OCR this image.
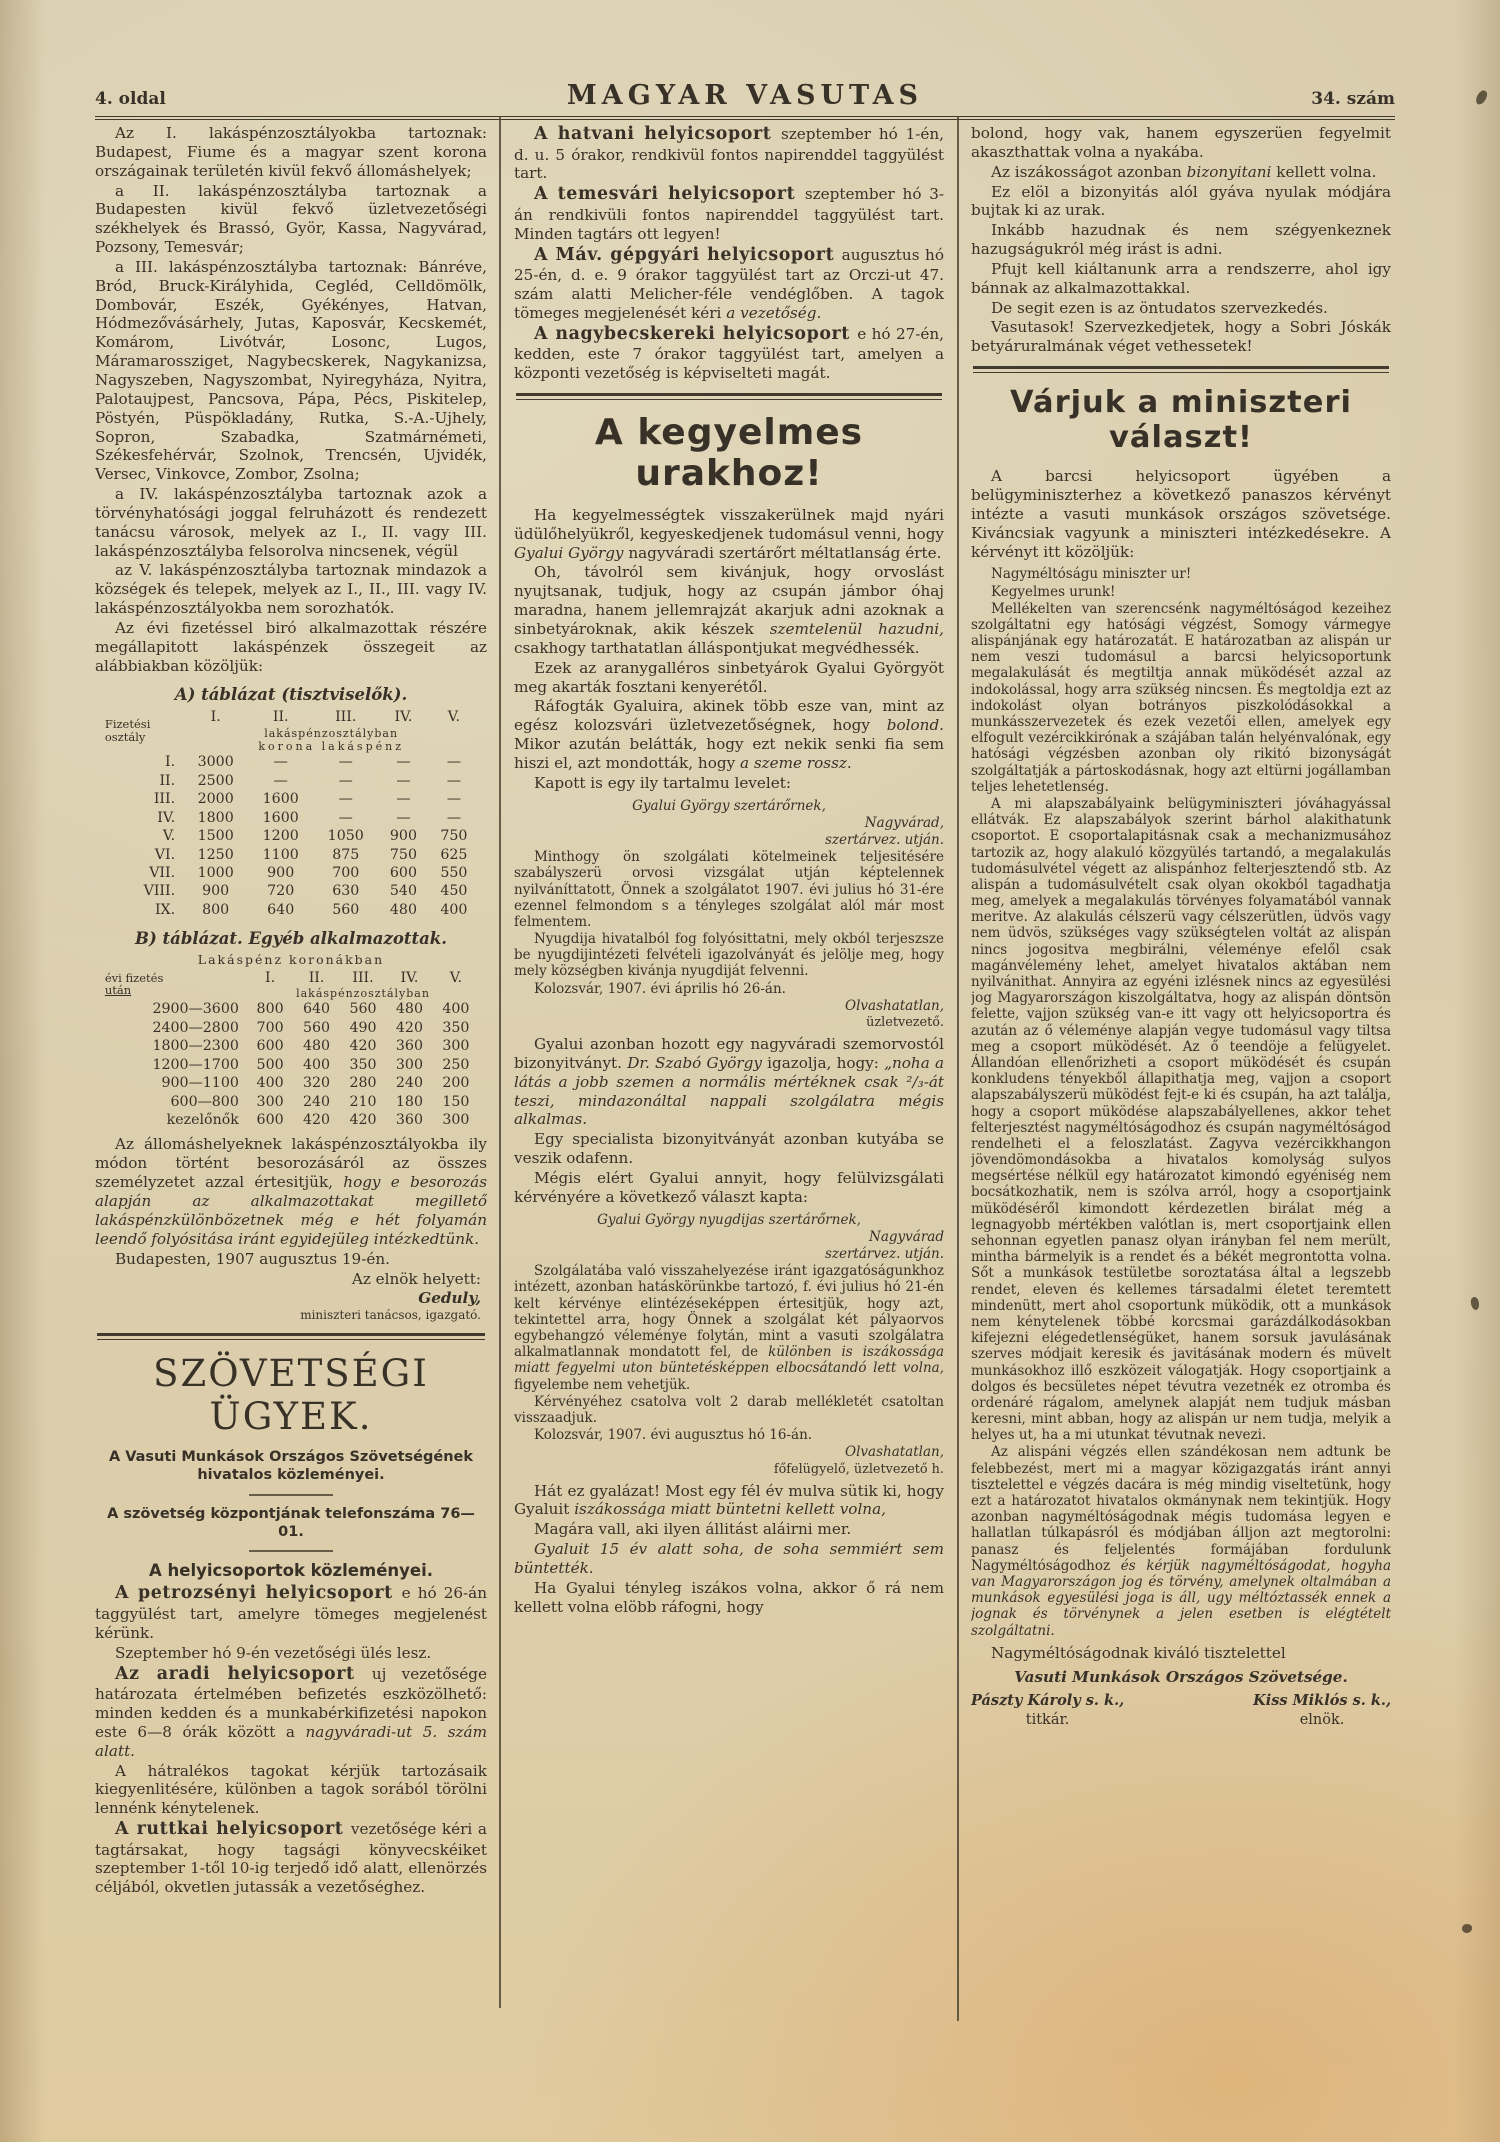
4. oldal	MAGYAR VASUTAS	34. szám

Az I. lakáspénzosztályokba tartoznak: Budapest, Fiume és a magyar szent korona országainak területén kivül fekvő állomáshelyek;

a II. lakáspénzosztályba tartoznak a Budapesten kivül fekvő üzletvezetőségi székhelyek és Brassó, Györ, Kassa, Nagyvárad, Pozsony, Temesvár;

a III. lakáspénzosztályba tartoznak: Bánréve, Bród, Bruck-Királyhida, Cegléd, Celldömölk, Dombovár, Eszék, Gyékényes, Hatvan, Hódmezővásárhely, Jutas, Kaposvár, Kecskemét, Komárom, Livótvár, Losonc, Lugos, Máramarossziget, Nagybecskerek, Nagykanizsa, Nagyszeben, Nagyszombat, Nyiregyháza, Nyitra, Palotaujpest, Pancsova, Pápa, Pécs, Piskitelep, Pöstyén, Püspökladány, Rutka, S.-A.-Ujhely, Sopron, Szabadka, Szatmárnémeti, Székesfehérvár, Szolnok, Trencsén, Ujvidék, Versec, Vinkovce, Zombor, Zsolna;

a IV. lakáspénzosztályba tartoznak azok a törvényhatósági joggal felruházott és rendezett tanácsu városok, melyek az I., II. vagy III. lakáspénzosztályba felsorolva nincsenek, végül

az V. lakáspénzosztályba tartoznak mindazok a községek és telepek, melyek az I., II., III. vagy IV. lakáspénzosztályokba nem sorozhatók.

Az évi fizetéssel biró alkalmazottak részére megállapitott lakáspénzek összegeit az alábbiakban közöljük:

A) táblázat (tisztviselők).
Fizetési
osztály	I.	II.	III.	IV.	V.
	lakáspénzosztályban
korona lakáspénz				
I.	3000	—	—	—	—
II.	2500	—	—	—	—
III.	2000	1600	—	—	—
IV.	1800	1600	—	—	—
V.	1500	1200	1050	900	750
VI.	1250	1100	875	750	625
VII.	1000	900	700	600	550
VIII.	900	720	630	540	450
IX.	800	640	560	480	400
B) táblázat. Egyéb alkalmazottak.
Lakáspénz koronákban					
évi fizetés
után	I.	II.	III.	IV.	V.
	lakáspénzosztályban				
2900—3600	800	640	560	480	400
2400—2800	700	560	490	420	350
1800—2300	600	480	420	360	300
1200—1700	500	400	350	300	250
900—1100	400	320	280	240	200
600—800	300	240	210	180	150
kezelőnők	600	420	420	360	300

Az állomáshelyeknek lakáspénzosztályokba ily módon történt besorozásáról az összes személyzetet azzal értesitjük, hogy e besorozás alapján az alkalmazottakat megillető lakáspénzkülönbözetnek még e hét folyamán leendő folyósitása iránt egyidejüleg intézkedtünk.

Budapesten, 1907 augusztus 19-én.

Az elnök helyett:

Geduly,

miniszteri tanácsos, igazgató.

SZÖVETSÉGI ÜGYEK.
A Vasuti Munkások Országos Szövetségének hivatalos közleményei.
A szövetség központjának telefonszáma 76—01.
A helyicsoportok közleményei.

A petrozsényi helyicsoport e hó 26-án taggyülést tart, amelyre tömeges megjelenést kérünk.

Szeptember hó 9-én vezetőségi ülés lesz.

Az aradi helyicsoport uj vezetősége határozata értelmében befizetés eszközölhető: minden kedden és a munkabérkifizetési napokon este 6—8 órák között a nagyváradi-ut 5. szám alatt.

A hátralékos tagokat kérjük tartozásaik kiegyenlitésére, különben a tagok sorából törölni lennénk kénytelenek.

A ruttkai helyicsoport vezetősége kéri a tagtársakat, hogy tagsági könyvecskéiket szeptember 1-től 10-ig terjedő idő alatt, ellenörzés céljából, okvetlen jutassák a vezetőséghez.

A hatvani helyicsoport szeptember hó 1-én, d. u. 5 órakor, rendkivül fontos napirenddel taggyülést tart.

A temesvári helyicsoport szeptember hó 3-án rendkivüli fontos napirenddel taggyülést tart. Minden tagtárs ott legyen!

A Máv. gépgyári helyicsoport augusztus hó 25-én, d. e. 9 órakor taggyülést tart az Orczi-ut 47. szám alatti Melicher-féle vendéglőben. A tagok tömeges megjelenését kéri a vezetőség.

A nagybecskereki helyicsoport e hó 27-én, kedden, este 7 órakor taggyülést tart, amelyen a központi vezetőség is képviselteti magát.

A kegyelmes urakhoz!

Ha kegyelmességtek visszakerülnek majd nyári üdülőhelyükről, kegyeskedjenek tudomásul venni, hogy Gyalui György nagyváradi szertárőrt méltatlanság érte.

Oh, távolról sem kivánjuk, hogy orvoslást nyujtsanak, tudjuk, hogy az csupán jámbor óhaj maradna, hanem jellemrajzát akarjuk adni azoknak a sinbetyároknak, akik készek szemtelenül hazudni, csakhogy tarthatatlan álláspontjukat megvédhessék.

Ezek az aranygalléros sinbetyárok Gyalui Györgyöt meg akarták fosztani kenyerétől.

Ráfogták Gyaluira, akinek több esze van, mint az egész kolozsvári üzletvezetőségnek, hogy bolond. Mikor azután belátták, hogy ezt nekik senki fia sem hiszi el, azt mondották, hogy a szeme rossz.

Kapott is egy ily tartalmu levelet:

Gyalui György szertárőrnek,

Nagyvárad,

szertárvez. utján.

Minthogy ön szolgálati kötelmeinek teljesitésére szabályszerü orvosi vizsgálat utján képtelennek nyilváníttatott, Önnek a szolgálatot 1907. évi julius hó 31-ére ezennel felmondom s a tényleges szolgálat alól már most felmentem.

Nyugdija hivatalból fog folyósittatni, mely okból terjeszsze be nyugdijintézeti felvételi igazolványát és jelölje meg, hogy mely községben kivánja nyugdiját felvenni.

Kolozsvár, 1907. évi április hó 26-án.

Olvashatatlan,

üzletvezető.

Gyalui azonban hozott egy nagyváradi szemorvostól bizonyitványt. Dr. Szabó György igazolja, hogy: „noha a látás a jobb szemen a normális mértéknek csak ²/₃-át teszi, mindazonáltal nappali szolgálatra mégis alkalmas.

Egy specialista bizonyitványát azonban kutyába se veszik odafenn.

Mégis elért Gyalui annyit, hogy felülvizsgálati kérvényére a következő választ kapta:

Gyalui György nyugdijas szertárőrnek,

Nagyvárad

szertárvez. utján.

Szolgálatába való visszahelyezése iránt igazgatóságunkhoz intézett, azonban hatáskörünkbe tartozó, f. évi julius hó 21-én kelt kérvénye elintézéseképpen értesitjük, hogy azt, tekintettel arra, hogy Önnek a szolgálat két pályaorvos egybehangzó véleménye folytán, mint a vasuti szolgálatra alkalmatlannak mondatott fel, de különben is iszákossága miatt fegyelmi uton büntetésképpen elbocsátandó lett volna, figyelembe nem vehetjük.

Kérvényéhez csatolva volt 2 darab mellékletét csatoltan visszaadjuk.

Kolozsvár, 1907. évi augusztus hó 16-án.

Olvashatatlan,

főfelügyelő, üzletvezető h.

Hát ez gyalázat! Most egy fél év mulva sütik ki, hogy Gyaluit iszákossága miatt büntetni kellett volna,

Magára vall, aki ilyen állitást aláirni mer.

Gyaluit 15 év alatt soha, de soha semmiért sem büntették.

Ha Gyalui tényleg iszákos volna, akkor ő rá nem kellett volna elöbb ráfogni, hogy

bolond, hogy vak, hanem egyszerüen fegyelmit akaszthattak volna a nyakába.

Az iszákosságot azonban bizonyitani kellett volna.

Ez elöl a bizonyitás alól gyáva nyulak módjára bujtak ki az urak.

Inkább hazudnak és nem szégyenkeznek hazugságukról még irást is adni.

Pfujt kell kiáltanunk arra a rendszerre, ahol igy bánnak az alkalmazottakkal.

De segit ezen is az öntudatos szervezkedés.

Vasutasok! Szervezkedjetek, hogy a Sobri Jóskák betyáruralmának véget vethessetek!

Várjuk a miniszteri választ!

A barcsi helyicsoport ügyében a belügyminiszterhez a következő panaszos kérvényt intézte a vasuti munkások országos szövetsége. Kiváncsiak vagyunk a miniszteri intézkedésekre. A kérvényt itt közöljük:

Nagyméltóságu miniszter ur!

Kegyelmes urunk!

Mellékelten van szerencsénk nagyméltóságod kezeihez szolgáltatni egy hatósági végzést, Somogy vármegye alispánjának egy határozatát. E határozatban az alispán ur nem veszi tudomásul a barcsi helyicsoportunk megalakulását és megtiltja annak müködését azzal az indokolással, hogy arra szükség nincsen. És megtoldja ezt az indokolást olyan botrányos piszkolódásokkal a munkásszervezetek és ezek vezetői ellen, amelyek egy elfogult vezércikkirónak a szájában talán helyénvalónak, egy hatósági végzésben azonban oly rikitó bizonyságát szolgáltatják a pártoskodásnak, hogy azt eltürni jogállamban teljes lehetetlenség.

A mi alapszabályaink belügyminiszteri jóváhagyással ellátvák. Ez alapszabályok szerint bárhol alakithatunk csoportot. E csoportalapitásnak csak a mechanizmusához tartozik az, hogy alakuló közgyülés tartandó, a megalakulás tudomásulvétel végett az alispánhoz felterjesztendő stb. Az alispán a tudomásulvételt csak olyan okokból tagadhatja meg, amelyek a megalakulás törvényes folyamatából vannak meritve. Az alakulás célszerü vagy célszerütlen, üdvös vagy nem üdvös, szükséges vagy szükségtelen voltát az alispán nincs jogositva megbirálni, véleménye efelől csak magánvélemény lehet, amelyet hivatalos aktában nem nyilvánithat. Annyira az egyéni izlésnek nincs az egyesülési jog Magyarországon kiszolgáltatva, hogy az alispán döntsön felette, vajjon szükség van-e itt vagy ott helyicsoportra és azután az ő véleménye alapján vegye tudomásul vagy tiltsa meg a csoport müködését. Az ő teendöje a felügyelet. Állandóan ellenőrizheti a csoport müködését és csupán konkludens tényekből állapithatja meg, vajjon a csoport alapszabályszerü müködést fejt-e ki és csupán, ha azt találja, hogy a csoport müködése alapszabályellenes, akkor tehet felterjesztést nagyméltóságodhoz és csupán nagyméltóságod rendelheti el a feloszlatást. Zagyva vezércikkhangon jövendömondásokba a hivatalos komolyság sulyos megsértése nélkül egy határozatot kimondó egyéniség nem bocsátkozhatik, nem is szólva arról, hogy a csoportjaink müködéséről kimondott kérdezetlen birálat még a legnagyobb mértékben valótlan is, mert csoportjaink ellen sehonnan egyetlen panasz olyan irányban fel nem merült, mintha bármelyik is a rendet és a békét megrontotta volna. Sőt a munkások testületbe soroztatása által a legszebb rendet, eleven és kellemes társadalmi életet teremtett mindenütt, mert ahol csoportunk müködik, ott a munkások nem kénytelenek többé korcsmai garázdálkodásokban kifejezni elégedetlenségüket, hanem sorsuk javulásának szerves módjait keresik és javitásának modern és müvelt munkásokhoz illő eszközeit válogatják. Hogy csoportjaink a dolgos és becsületes népet tévutra vezetnék ez otromba és ordenáré rágalom, amelynek alapját nem tudjuk másban keresni, mint abban, hogy az alispán ur nem tudja, melyik a helyes ut, ha a mi utunkat tévutnak nevezi.

Az alispáni végzés ellen szándékosan nem adtunk be felebbezést, mert mi a magyar közigazgatás iránt annyi tisztelettel e végzés dacára is még mindig viseltetünk, hogy ezt a határozatot hivatalos okmánynak nem tekintjük. Hogy azonban nagyméltóságodnak mégis tudomása legyen e hallatlan túlkapásról és módjában álljon azt megtorolni: panasz és feljelentés formájában fordulunk Nagyméltóságodhoz és kérjük nagyméltóságodat, hogyha van Magyarországon jog és törvény, amelynek oltalmában a munkások egyesülési joga is áll, ugy méltóztassék ennek a jognak és törvénynek a jelen esetben is elégtételt szolgáltatni.

Nagyméltóságodnak kiváló tisztelettel

Vasuti Munkások Országos Szövetsége.

Pászty Károly s. k.,
titkár.
Kiss Miklós s. k.,
elnök.
